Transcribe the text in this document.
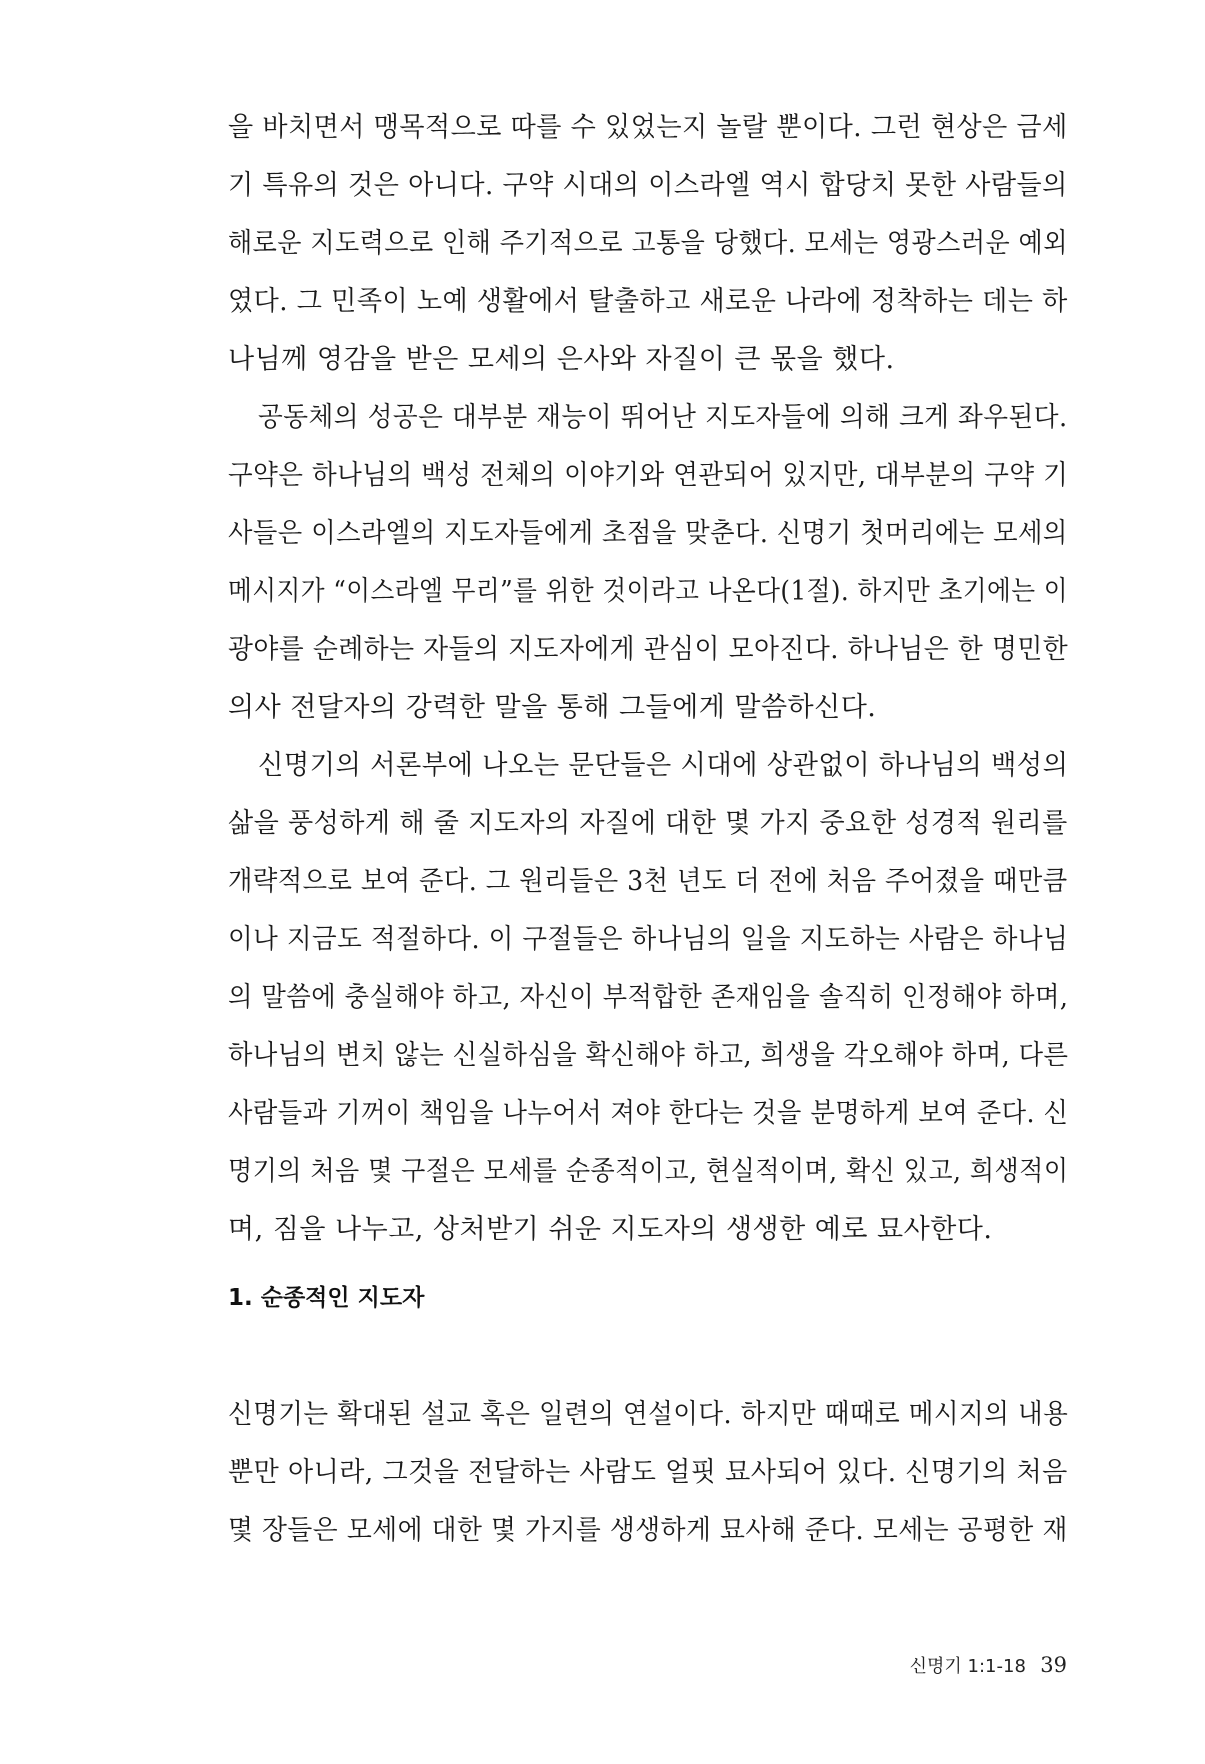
을 바치면서 맹목적으로 따를 수 있었는지 놀랄 뿐이다. 그런 현상은 금세
기 특유의 것은 아니다. 구약 시대의 이스라엘 역시 합당치 못한 사람들의
해로운 지도력으로 인해 주기적으로 고통을 당했다. 모세는 영광스러운 예외
였다. 그 민족이 노예 생활에서 탈출하고 새로운 나라에 정착하는 데는 하
나님께 영감을 받은 모세의 은사와 자질이 큰 몫을 했다.
공동체의 성공은 대부분 재능이 뛰어난 지도자들에 의해 크게 좌우된다.
구약은 하나님의 백성 전체의 이야기와 연관되어 있지만, 대부분의 구약 기
사들은 이스라엘의 지도자들에게 초점을 맞춘다. 신명기 첫머리에는 모세의
메시지가 “이스라엘 무리”를 위한 것이라고 나온다(1절). 하지만 초기에는 이
광야를 순례하는 자들의 지도자에게 관심이 모아진다. 하나님은 한 명민한
의사 전달자의 강력한 말을 통해 그들에게 말씀하신다.
신명기의 서론부에 나오는 문단들은 시대에 상관없이 하나님의 백성의
삶을 풍성하게 해 줄 지도자의 자질에 대한 몇 가지 중요한 성경적 원리를
개략적으로 보여 준다. 그 원리들은 3천 년도 더 전에 처음 주어졌을 때만큼
이나 지금도 적절하다. 이 구절들은 하나님의 일을 지도하는 사람은 하나님
의 말씀에 충실해야 하고, 자신이 부적합한 존재임을 솔직히 인정해야 하며,
하나님의 변치 않는 신실하심을 확신해야 하고, 희생을 각오해야 하며, 다른
사람들과 기꺼이 책임을 나누어서 져야 한다는 것을 분명하게 보여 준다. 신
명기의 처음 몇 구절은 모세를 순종적이고, 현실적이며, 확신 있고, 희생적이
며, 짐을 나누고, 상처받기 쉬운 지도자의 생생한 예로 묘사한다.
1. 순종적인 지도자
신명기는 확대된 설교 혹은 일련의 연설이다. 하지만 때때로 메시지의 내용
뿐만 아니라, 그것을 전달하는 사람도 얼핏 묘사되어 있다. 신명기의 처음
몇 장들은 모세에 대한 몇 가지를 생생하게 묘사해 준다. 모세는 공평한 재
신명기 1:1-18 39
